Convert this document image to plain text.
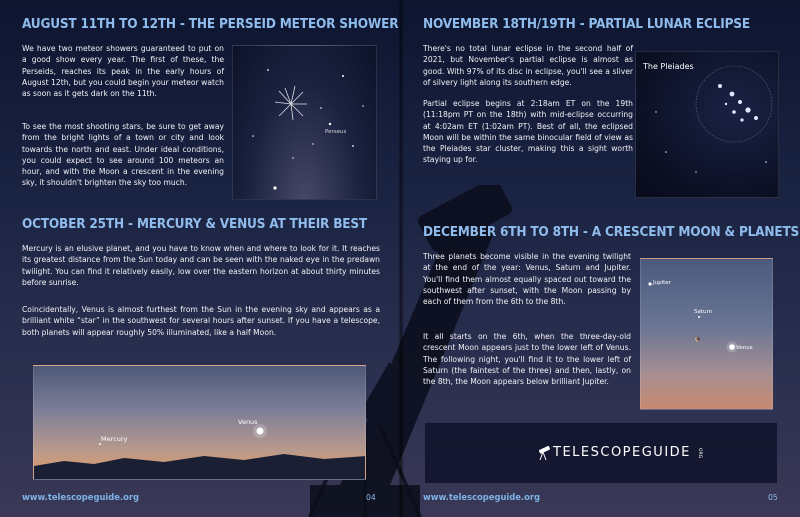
AUGUST 11TH TO 12TH - THE PERSEID METEOR SHOWER

We have two meteor showers guaranteed to put on a good show every year. The first of these, the Perseids, reaches its peak in the early hours of August 12th, but you could begin your meteor watch as soon as it gets dark on the 11th.

To see the most shooting stars, be sure to get away from the bright lights of a town or city and look towards the north and east. Under ideal conditions, you could expect to see around 100 meteors an hour, and with the Moon a crescent in the evening sky, it shouldn't brighten the sky too much.

Perseus
OCTOBER 25TH - MERCURY & VENUS AT THEIR BEST

Mercury is an elusive planet, and you have to know when and where to look for it. It reaches its greatest distance from the Sun today and can be seen with the naked eye in the predawn twilight. You can find it relatively easily, low over the eastern horizon at about thirty minutes before sunrise.

Coincidentally, Venus is almost furthest from the Sun in the evening sky and appears as a brilliant white “star” in the southwest for several hours after sunset. If you have a telescope, both planets will appear roughly 50% illuminated, like a half Moon.

Mercury
Venus
www.telescopeguide.org	04
NOVEMBER 18TH/19TH - PARTIAL LUNAR ECLIPSE

There's no total lunar eclipse in the second half of 2021, but November's partial eclipse is almost as good. With 97% of its disc in eclipse, you'll see a sliver of silvery light along its southern edge.

Partial eclipse begins at 2:18am ET on the 19th (11:18pm PT on the 18th) with mid-eclipse occurring at 4:02am ET (1:02am PT). Best of all, the eclipsed Moon will be within the same binocular field of view as the Pleiades star cluster, making this a sight worth staying up for.

The Pleiades
DECEMBER 6TH TO 8TH - A CRESCENT MOON & PLANETS

Three planets become visible in the evening twilight at the end of the year: Venus, Saturn and Jupiter. You'll find them almost equally spaced out toward the southwest after sunset, with the Moon passing by each of them from the 6th to the 8th.

It all starts on the 6th, when the three-day-old crescent Moon appears just to the lower left of Venus. The following night, you'll find it to the lower left of Saturn (the faintest of the three) and then, lastly, on the 8th, the Moon appears below brilliant Jupiter.

Jupiter
Saturn
Venus
www.telescopeguide.org	05
TELESCOPEGUIDE ORG
